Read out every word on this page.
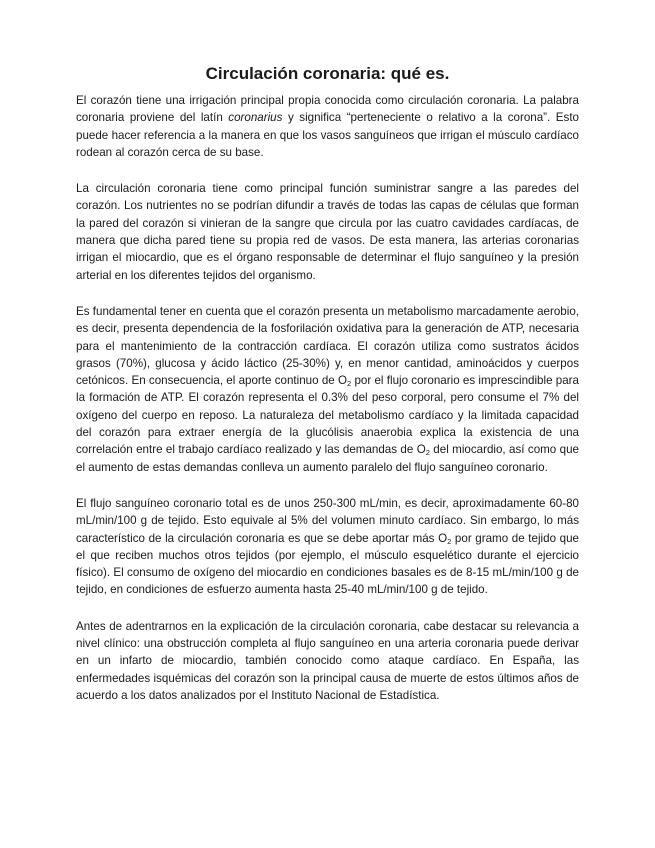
Circulación coronaria: qué es.

El corazón tiene una irrigación principal propia conocida como circulación coronaria. La palabra coronaria proviene del latín coronarius y significa “perteneciente o relativo a la corona”. Esto puede hacer referencia a la manera en que los vasos sanguíneos que irrigan el músculo cardíaco rodean al corazón cerca de su base.

La circulación coronaria tiene como principal función suministrar sangre a las paredes del corazón. Los nutrientes no se podrían difundir a través de todas las capas de células que forman la pared del corazón si vinieran de la sangre que circula por las cuatro cavidades cardíacas, de manera que dicha pared tiene su propia red de vasos. De esta manera, las arterias coronarias irrigan el miocardio, que es el órgano responsable de determinar el flujo sanguíneo y la presión arterial en los diferentes tejidos del organismo.

Es fundamental tener en cuenta que el corazón presenta un metabolismo marcadamente aerobio, es decir, presenta dependencia de la fosforilación oxidativa para la generación de ATP, necesaria para el mantenimiento de la contracción cardíaca. El corazón utiliza como sustratos ácidos grasos (70%), glucosa y ácido láctico (25-30%) y, en menor cantidad, aminoácidos y cuerpos cetónicos. En consecuencia, el aporte continuo de $O_2$ por el flujo coronario es imprescindible para la formación de ATP. El corazón representa el 0.3% del peso corporal, pero consume el 7% del oxígeno del cuerpo en reposo. La naturaleza del metabolismo cardíaco y la limitada capacidad del corazón para extraer energía de la glucólisis anaerobia explica la existencia de una correlación entre el trabajo cardíaco realizado y las demandas de $O_2$ del miocardio, así como que el aumento de estas demandas conlleva un aumento paralelo del flujo sanguíneo coronario.

El flujo sanguíneo coronario total es de unos 250-300 mL/min, es decir, aproximadamente 60-80 mL/min/100 g de tejido. Esto equivale al 5% del volumen minuto cardíaco. Sin embargo, lo más característico de la circulación coronaria es que se debe aportar más $O_2$ por gramo de tejido que el que reciben muchos otros tejidos (por ejemplo, el músculo esquelético durante el ejercicio físico). El consumo de oxígeno del miocardio en condiciones basales es de 8-15 mL/min/100 g de tejido, en condiciones de esfuerzo aumenta hasta 25-40 mL/min/100 g de tejido.

Antes de adentrarnos en la explicación de la circulación coronaria, cabe destacar su relevancia a nivel clínico: una obstrucción completa al flujo sanguíneo en una arteria coronaria puede derivar en un infarto de miocardio, también conocido como ataque cardíaco. En España, las enfermedades isquémicas del corazón son la principal causa de muerte de estos últimos años de acuerdo a los datos analizados por el Instituto Nacional de Estadística.
